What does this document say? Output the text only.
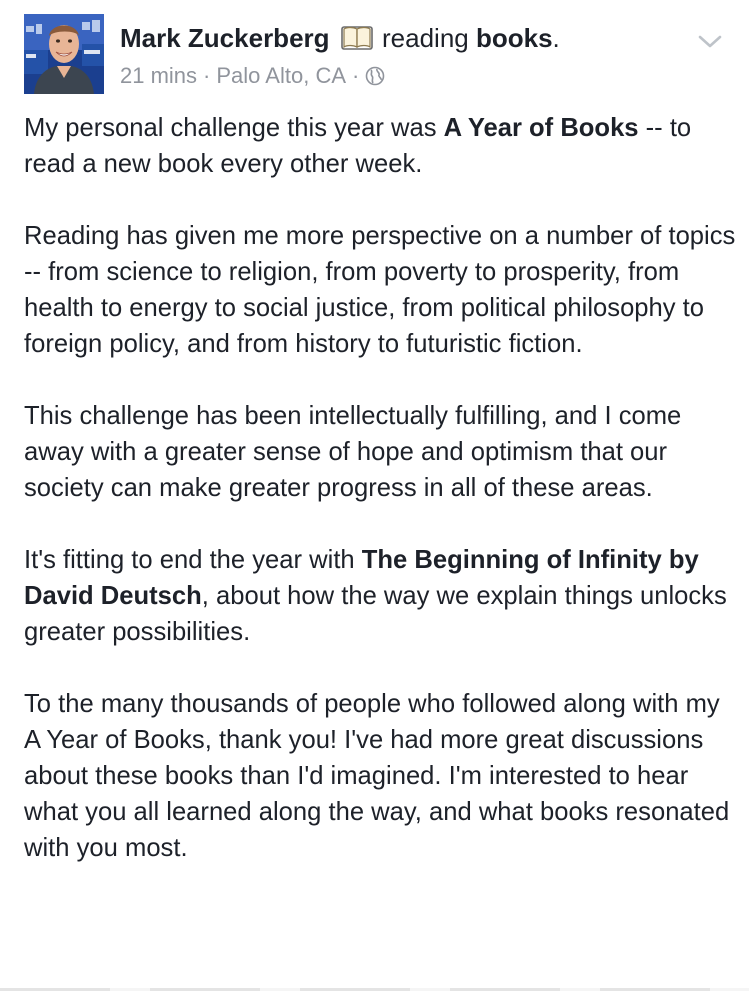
Mark Zuckerberg reading books.
21 mins · Palo Alto, CA ·

My personal challenge this year was A Year of Books -- to read a new book every other week.

Reading has given me more perspective on a number of topics -- from science to religion, from poverty to prosperity, from health to energy to social justice, from political philosophy to foreign policy, and from history to futuristic fiction.

This challenge has been intellectually fulfilling, and I come away with a greater sense of hope and optimism that our society can make greater progress in all of these areas.

It's fitting to end the year with The Beginning of Infinity by David Deutsch, about how the way we explain things unlocks greater possibilities.

To the many thousands of people who followed along with my A Year of Books, thank you! I've had more great discussions about these books than I'd imagined. I'm interested to hear what you all learned along the way, and what books resonated with you most.
